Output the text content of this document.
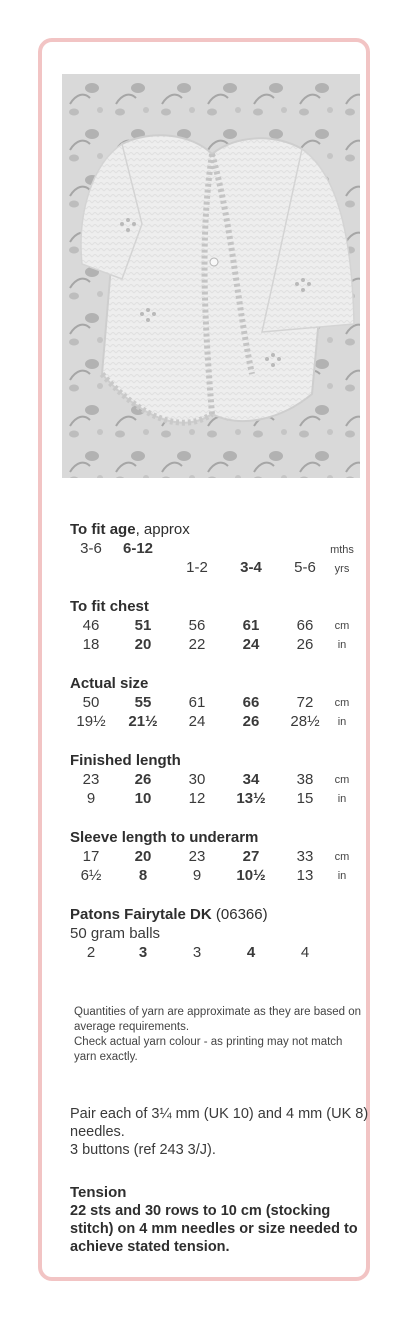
To fit age, approx
3-6	6-12	mths
1-2	3-4	5-6	yrs
To fit chest
46	51	56	61	66	cm
18	20	22	24	26	in
Actual size
50	55	61	66	72	cm
19½	21½	24	26	28½	in
Finished length
23	26	30	34	38	cm
9	10	12	13½	15	in
Sleeve length to underarm
17	20	23	27	33	cm
6½	8	9	10½	13	in
Patons Fairytale DK (06366)
50 gram balls
2	3	3	4	4
Quantities of yarn are approximate as they are based on average requirements.
Check actual yarn colour - as printing may not match yarn exactly.
Pair each of 3¼ mm (UK 10) and 4 mm (UK 8) needles.
3 buttons (ref 243 3/J).
Tension
22 sts and 30 rows to 10 cm (stocking stitch) on 4 mm needles or size needed to achieve stated tension.
